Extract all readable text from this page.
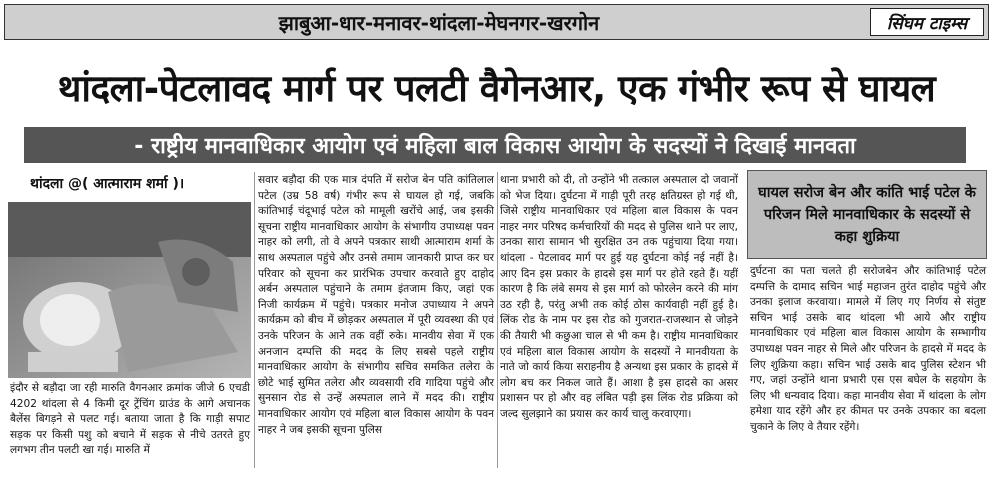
झाबुआ-धार-मनावर-थांदला-मेघनगर-खरगोन	सिंघम टाइम्स
थांदला-पेटलावद मार्ग पर पलटी वैगेनआर, एक गंभीर रूप से घायल
- राष्ट्रीय मानवाधिकार आयोग एवं महिला बाल विकास आयोग के सदस्यों ने दिखाई मानवता
थांदला @( आत्माराम शर्मा )।
इंदौर से बड़ौदा जा रही मारुति वैगनआर क्रमांक जीजे 6 एचडी 4202 थांदला से 4 किमी दूर ट्रेंचिंग ग्राउंड के आगे अचानक बैलेंस बिगड़ने से पलट गई। बताया जाता है कि गाड़ी सपाट सड़क पर किसी पशु को बचाने में सड़क से नीचे उतरते हुए लगभग तीन पलटी खा गई। मारुति में
सवार बड़ौदा की एक मात्र दंपति में सरोज बेन पति कांतिलाल पटेल (उम्र 58 वर्ष) गंभीर रूप से घायल हो गई, जबकि कांतिभाई चंदूभाई पटेल को मामूली खरोंचे आई, जब इसकी सूचना राष्ट्रीय मानवाधिकार आयोग के संभागीय उपाध्यक्ष पवन नाहर को लगी, तो वे अपने पत्रकार साथी आत्माराम शर्मा के साथ अस्पताल पहुंचे और उनसे तमाम जानकारी प्राप्त कर घर परिवार को सूचना कर प्रारंभिक उपचार करवाते हुए दाहोद अर्बन अस्पताल पहुंचाने के तमाम इंतजाम किए, जहां एक निजी कार्यक्रम में पहुंचे। पत्रकार मनोज उपाध्याय ने अपने कार्यक्रम को बीच में छोड़कर अस्पताल में पूरी व्यवस्था की एवं उनके परिजन के आने तक वहीं रुके। मानवीय सेवा में एक अनजान दम्पत्ति की मदद के लिए सबसे पहले राष्ट्रीय मानवाधिकार आयोग के संभागीय सचिव समकित तलेरा के छोटे भाई सुमित तलेरा और व्यवसायी रवि गादिया पहुंचे और सुनसान रोड से उन्हें अस्पताल लाने में मदद की। राष्ट्रीय मानवाधिकार आयोग एवं महिला बाल विकास आयोग के पवन नाहर ने जब इसकी सूचना पुलिस
थाना प्रभारी को दी, तो उन्होंने भी तत्काल अस्पताल दो जवानों को भेज दिया। दुर्घटना में गाड़ी पूरी तरह क्षतिग्रस्त हो गई थी, जिसे राष्ट्रीय मानवाधिकार एवं महिला बाल विकास के पवन नाहर नगर परिषद कर्मचारियों की मदद से पुलिस थाने पर लाए, उनका सारा सामान भी सुरक्षित उन तक पहुंचाया दिया गया। थांदला - पेटलावद मार्ग पर हुई यह दुर्घटना कोई नई नहीं है। आए दिन इस प्रकार के हादसे इस मार्ग पर होते रहते हैं। यहीं कारण है कि लंबे समय से इस मार्ग को फोरलेन करने की मांग उठ रही है, परंतु अभी तक कोई ठोस कार्यवाही नहीं हुई है। लिंक रोड के नाम पर इस रोड को गुजरात-राजस्थान से जोड़ने की तैयारी भी कछुआ चाल से भी कम है। राष्ट्रीय मानवाधिकार एवं महिला बाल विकास आयोग के सदस्यों ने मानवीयता के नाते जो कार्य किया सराहनीय है अन्यथा इस प्रकार के हादसे में लोग बच कर निकल जाते हैं। आशा है इस हादसे का असर प्रशासन पर हो और वह लंबित पड़ी इस लिंक रोड प्रक्रिया को जल्द सुलझाने का प्रयास कर कार्य चालु करवाएगा।
घायल सरोज बेन और कांति भाई पटेल के परिजन मिले मानवाधिकार के सदस्यों से कहा शुक्रिया
दुर्घटना का पता चलते ही सरोजबेन और कांतिभाई पटेल दम्पत्ति के दामाद सचिन भाई महाजन तुरंत दाहोद पहुंचे और उनका इलाज करवाया। मामले में लिए गए निर्णय से संतुष्ट सचिन भाई उसके बाद थांदला भी आये और राष्ट्रीय मानवाधिकार एवं महिला बाल विकास आयोग के सम्भागीय उपाध्यक्ष पवन नाहर से मिले और परिजन के हादसे में मदद के लिए शुक्रिया कहा। सचिन भाई उसके बाद पुलिस स्टेशन भी गए, जहां उन्होंने थाना प्रभारी एस एस बघेल के सहयोग के लिए भी धन्यवाद दिया। कहा मानवीय सेवा में थांदला के लोग हमेशा याद रहेंगे और हर कीमत पर उनके उपकार का बदला चुकाने के लिए वे तैयार रहेंगे।
